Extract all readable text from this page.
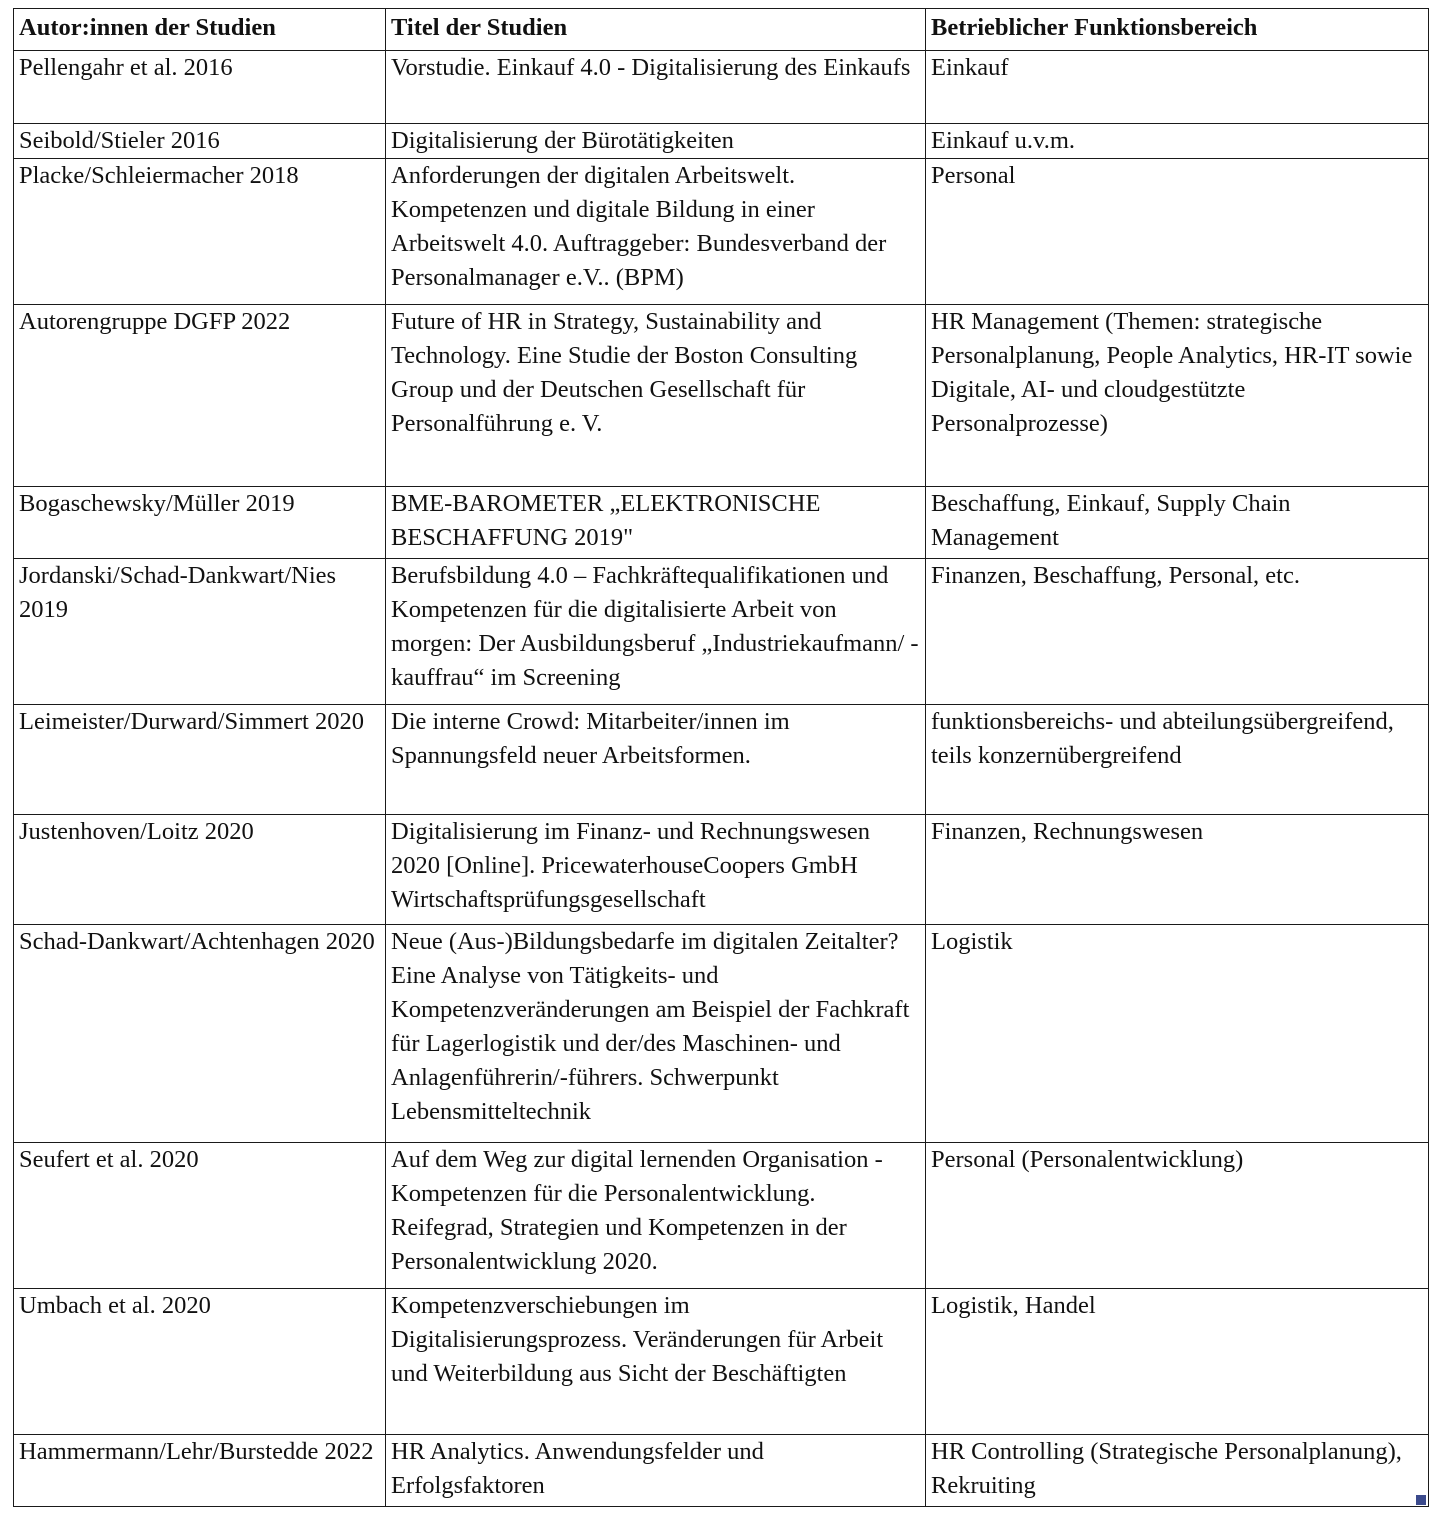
Autor:innen der Studien	Titel der Studien	Betrieblicher Funktionsbereich
Pellengahr et al. 2016	Vorstudie. Einkauf 4.0 - Digitalisierung des Einkaufs	Einkauf
Seibold/Stieler 2016	Digitalisierung der Bürotätigkeiten	Einkauf u.v.m.
Placke/Schleiermacher 2018	Anforderungen der digitalen Arbeitswelt. Kompetenzen und digitale Bildung in einer Arbeitswelt 4.0. Auftraggeber: Bundesverband der Personalmanager e.V.. (BPM)	Personal
Autorengruppe DGFP 2022	Future of HR in Strategy, Sustainability and Technology. Eine Studie der Boston Consulting Group und der Deutschen Gesellschaft für Personalführung e. V.	HR Management (Themen: strategische Personalplanung, People Analytics, HR-IT sowie Digitale, AI- und cloudgestützte Personalprozesse)
Bogaschewsky/Müller 2019	BME-BAROMETER „ELEKTRONISCHE BESCHAFFUNG 2019"	Beschaffung, Einkauf, Supply Chain Management
Jordanski/Schad-Dankwart/Nies 2019	Berufsbildung 4.0 – Fachkräftequalifikationen und Kompetenzen für die digitalisierte Arbeit von morgen: Der Ausbildungsberuf „Industriekaufmann/ -kauffrau“ im Screening	Finanzen, Beschaffung, Personal, etc.
Leimeister/Durward/Simmert 2020	Die interne Crowd: Mitarbeiter/innen im Spannungsfeld neuer Arbeitsformen.	funktionsbereichs- und abteilungsübergreifend, teils konzernübergreifend
Justenhoven/Loitz 2020	Digitalisierung im Finanz- und Rechnungswesen 2020 [Online]. PricewaterhouseCoopers GmbH Wirtschaftsprüfungsgesellschaft	Finanzen, Rechnungswesen
Schad-Dankwart/Achtenhagen 2020	Neue (Aus-)Bildungsbedarfe im digitalen Zeitalter? Eine Analyse von Tätigkeits- und Kompetenzveränderungen am Beispiel der Fachkraft für Lagerlogistik und der/des Maschinen- und Anlagenführerin/-führers. Schwerpunkt Lebensmitteltechnik	Logistik
Seufert et al. 2020	Auf dem Weg zur digital lernenden Organisation - Kompetenzen für die Personalentwicklung. Reifegrad, Strategien und Kompetenzen in der Personalentwicklung 2020.	Personal (Personalentwicklung)
Umbach et al. 2020	Kompetenzverschiebungen im Digitalisierungsprozess. Veränderungen für Arbeit und Weiterbildung aus Sicht der Beschäftigten	Logistik, Handel
Hammermann/Lehr/Burstedde 2022	HR Analytics. Anwendungsfelder und Erfolgsfaktoren	HR Controlling (Strategische Personalplanung), Rekruiting
